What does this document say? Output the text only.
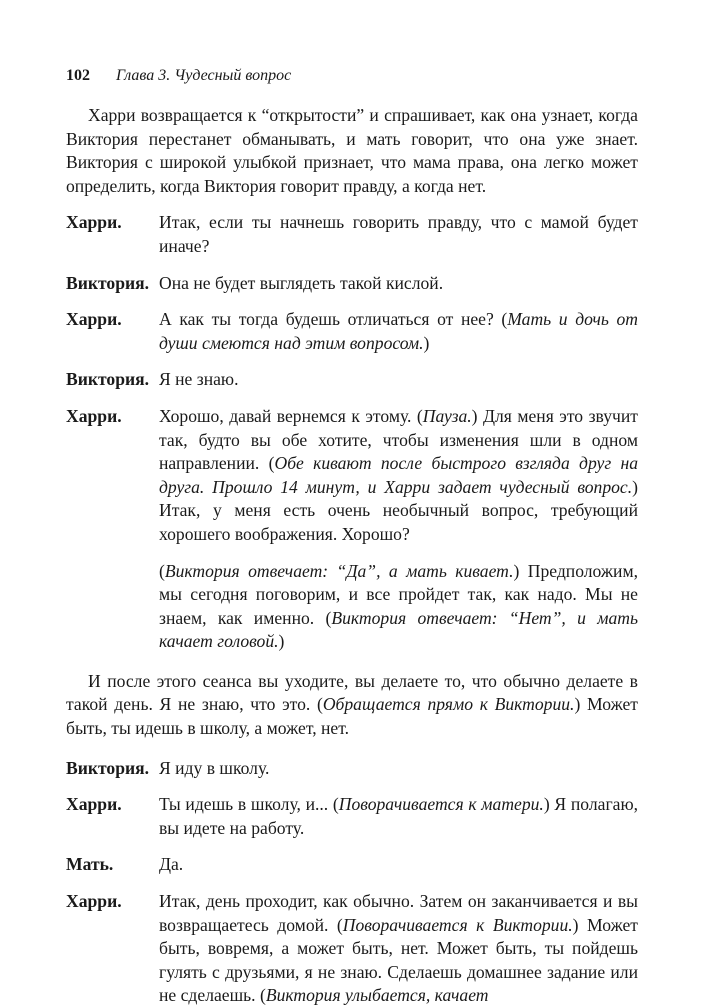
102 Глава 3. Чудесный вопрос

Харри возвращается к “открытости” и спрашивает, как она узнает, когда Виктория перестанет обманывать, и мать говорит, что она уже знает. Виктория с широкой улыбкой признает, что мама права, она легко может определить, когда Виктория говорит правду, а когда нет.

Харри.	Итак, если ты начнешь говорить правду, что с мамой будет иначе?
Виктория. Она не будет выглядеть такой кислой.
Харри.	А как ты тогда будешь отличаться от нее? (Мать и дочь от души смеются над этим вопросом.)
Виктория. Я не знаю.
Харри.	Хорошо, давай вернемся к этому. (Пауза.) Для меня это звучит так, будто вы обе хотите, чтобы изменения шли в одном направлении. (Обе кивают после быстрого взгляда друг на друга. Прошло 14 минут, и Харри задает чудесный вопрос.) Итак, у меня есть очень необычный вопрос, требующий хорошего воображения. Хорошо?
(Виктория отвечает: “Да”, а мать кивает.) Предположим, мы сегодня поговорим, и все пройдет так, как надо. Мы не знаем, как именно. (Виктория отвечает: “Нет”, и мать качает головой.)

И после этого сеанса вы уходите, вы делаете то, что обычно делаете в такой день. Я не знаю, что это. (Обращается прямо к Виктории.) Может быть, ты идешь в школу, а может, нет.

Виктория. Я иду в школу.
Харри.	Ты идешь в школу, и... (Поворачивается к матери.) Я полагаю, вы идете на работу.
Мать.	Да.
Харри.	Итак, день проходит, как обычно. Затем он заканчивается и вы возвращаетесь домой. (Поворачивается к Виктории.) Может быть, вовремя, а может быть, нет. Может быть, ты пойдешь гулять с друзьями, я не знаю. Сделаешь домашнее задание или не сделаешь. (Виктория улыбается, качает
